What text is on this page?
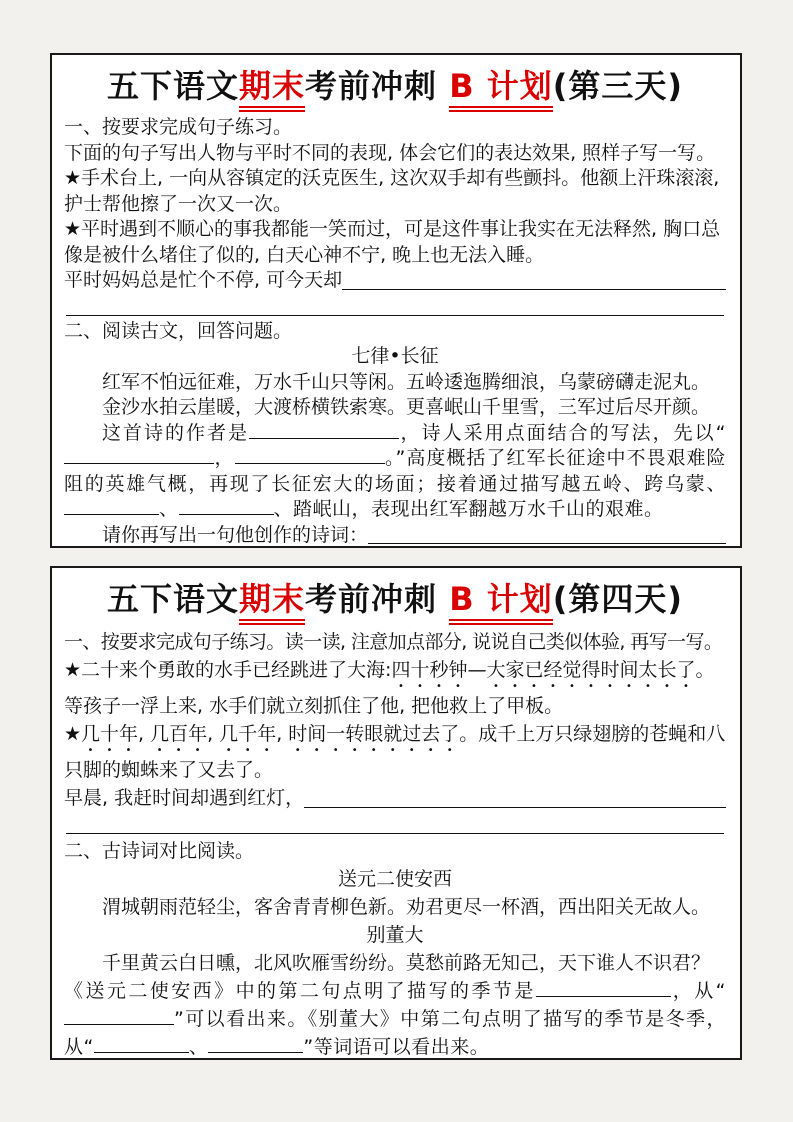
五下语文期末考前冲刺 B 计划(第三天)
一、按要求完成句子练习。
下面的句子写出人物与平时不同的表现, 体会它们的表达效果, 照样子写一写。
★手术台上, 一向从容镇定的沃克医生, 这次双手却有些颤抖。他额上汗珠滚滚, 护士帮他擦了一次又一次。
★平时遇到不顺心的事我都能一笑而过，可是这件事让我实在无法释然, 胸口总像是被什么堵住了似的, 白天心神不宁, 晚上也无法入睡。
平时妈妈总是忙个不停, 可今天却
二、阅读古文，回答问题。
七律•长征
红军不怕远征难，万水千山只等闲。五岭逶迤腾细浪，乌蒙磅礴走泥丸。
金沙水拍云崖暖，大渡桥横铁索寒。更喜岷山千里雪，三军过后尽开颜。
这首诗的作者是	，诗人采用点面结合的写法，先以“，	。”高度概括了红军长征途中不畏艰难险阻的英雄气概，再现了长征宏大的场面；接着通过描写越五岭、跨乌蒙、、	、踏岷山，表现出红军翻越万水千山的艰难。
请你再写出一句他创作的诗词：
五下语文期末考前冲刺 B 计划(第四天)
一、按要求完成句子练习。读一读, 注意加点部分, 说说自己类似体验, 再写一写。
★二十来个勇敢的水手已经跳进了大海:四十秒钟—大家已经觉得时间太长了。
等孩子一浮上来, 水手们就立刻抓住了他, 把他救上了甲板。
★几十年, 几百年, 几千年, 时间一转眼就过去了。成千上万只绿翅膀的苍蝇和八只脚的蜘蛛来了又去了。
早晨, 我赶时间却遇到红灯，
二、古诗词对比阅读。
送元二使安西
渭城朝雨范轻尘，客舍青青柳色新。劝君更尽一杯酒，西出阳关无故人。
别董大
千里黄云白日曛，北风吹雁雪纷纷。莫愁前路无知己，天下谁人不识君？
《送元二使安西》中的第二句点明了描写的季节是	，从“”可以看出来。《别董大》中第二句点明了描写的季节是冬季，从“	、	”等词语可以看出来。
